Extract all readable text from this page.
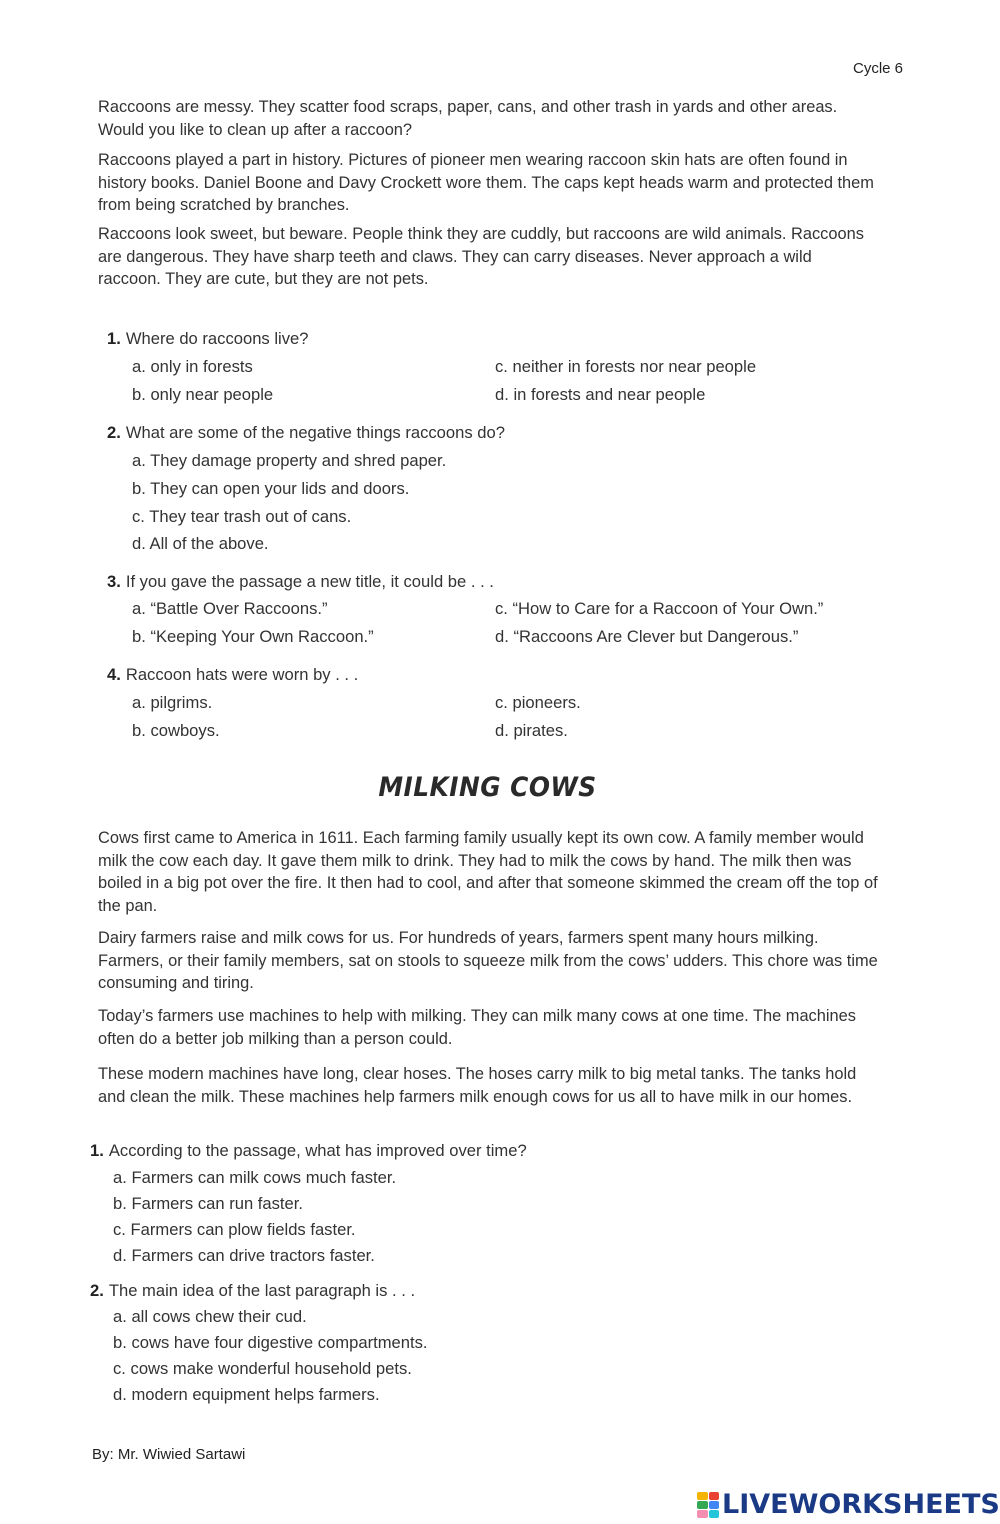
Cycle 6

Raccoons are messy. They scatter food scraps, paper, cans, and other trash in yards and other areas. Would you like to clean up after a raccoon?

Raccoons played a part in history. Pictures of pioneer men wearing raccoon skin hats are often found in history books. Daniel Boone and Davy Crockett wore them. The caps kept heads warm and protected them from being scratched by branches.

Raccoons look sweet, but beware. People think they are cuddly, but raccoons are wild animals. Raccoons are dangerous. They have sharp teeth and claws. They can carry diseases. Never approach a wild raccoon. They are cute, but they are not pets.

1. Where do raccoons live?
a. only in forests
b. only near people
c. neither in forests nor near people
d. in forests and near people
2. What are some of the negative things raccoons do?
a. They damage property and shred paper.
b. They can open your lids and doors.
c. They tear trash out of cans.
d. All of the above.
3. If you gave the passage a new title, it could be . . .
a. “Battle Over Raccoons.”
b. “Keeping Your Own Raccoon.”
c. “How to Care for a Raccoon of Your Own.”
d. “Raccoons Are Clever but Dangerous.”
4. Raccoon hats were worn by . . .
a. pilgrims.
b. cowboys.
c. pioneers.
d. pirates.
MILKING COWS

Cows first came to America in 1611. Each farming family usually kept its own cow. A family member would milk the cow each day. It gave them milk to drink. They had to milk the cows by hand. The milk then was boiled in a big pot over the fire. It then had to cool, and after that someone skimmed the cream off the top of the pan.

Dairy farmers raise and milk cows for us. For hundreds of years, farmers spent many hours milking. Farmers, or their family members, sat on stools to squeeze milk from the cows’ udders. This chore was time consuming and tiring.

Today’s farmers use machines to help with milking. They can milk many cows at one time. The machines often do a better job milking than a person could.

These modern machines have long, clear hoses. The hoses carry milk to big metal tanks. The tanks hold and clean the milk. These machines help farmers milk enough cows for us all to have milk in our homes.

1. According to the passage, what has improved over time?
a. Farmers can milk cows much faster.
b. Farmers can run faster.
c. Farmers can plow fields faster.
d. Farmers can drive tractors faster.
2. The main idea of the last paragraph is . . .
a. all cows chew their cud.
b. cows have four digestive compartments.
c. cows make wonderful household pets.
d. modern equipment helps farmers.
By: Mr. Wiwied Sartawi
LIVEWORKSHEETS
